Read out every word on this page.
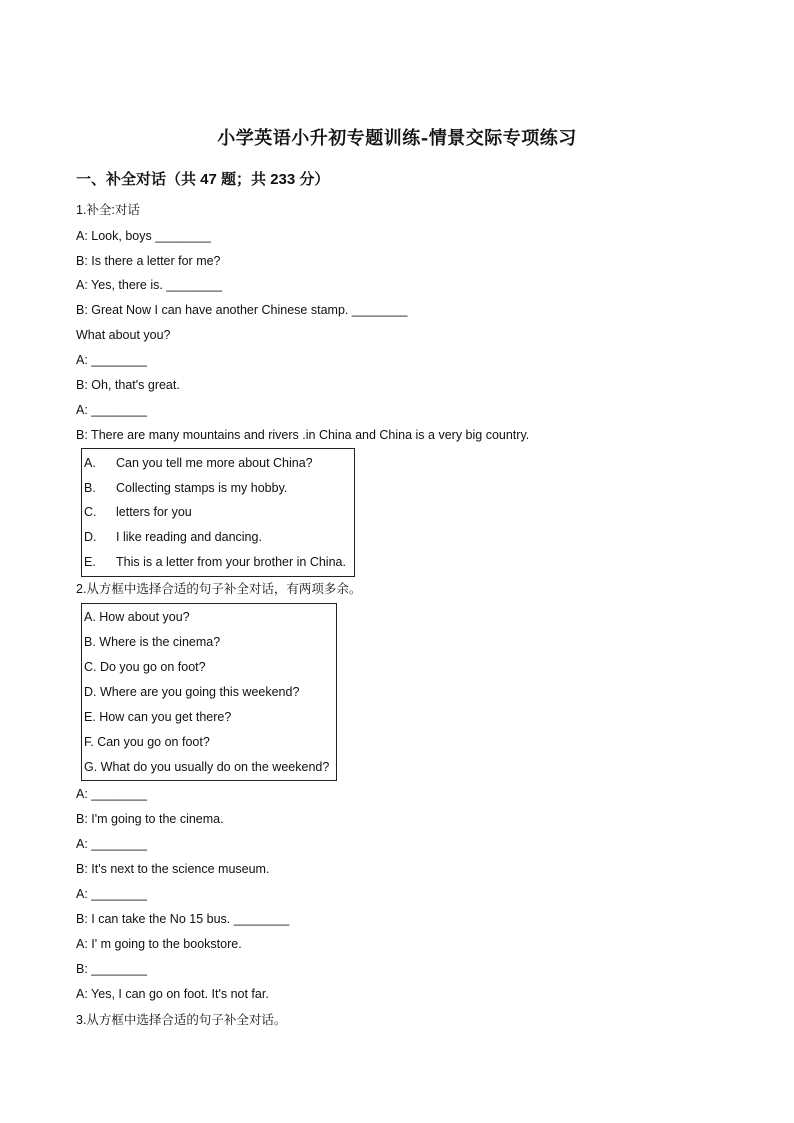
小学英语小升初专题训练-情景交际专项练习
一、补全对话（共 47 题；共 233 分）
1.补全:对话
A: Look, boys ________
B: Is there a letter for me?
A: Yes, there is. ________
B: Great Now I can have another Chinese stamp. ________
What about you?
A: ________
B: Oh, that's great.
A: ________
B: There are many mountains and rivers .in China and China is a very big country.
A. Can you tell me more about China?
B. Collecting stamps is my hobby.
C. letters for you
D. I like reading and dancing.
E. This is a letter from your brother in China.
2.从方框中选择合适的句子补全对话，有两项多余。
A. How about you?
B. Where is the cinema?
C. Do you go on foot?
D. Where are you going this weekend?
E. How can you get there?
F. Can you go on foot?
G. What do you usually do on the weekend?
A: ________
B: I'm going to the cinema.
A: ________
B: It's next to the science museum.
A: ________
B: I can take the No 15 bus. ________
A: I' m going to the bookstore.
B: ________
A: Yes, I can go on foot. It's not far.
3.从方框中选择合适的句子补全对话。
